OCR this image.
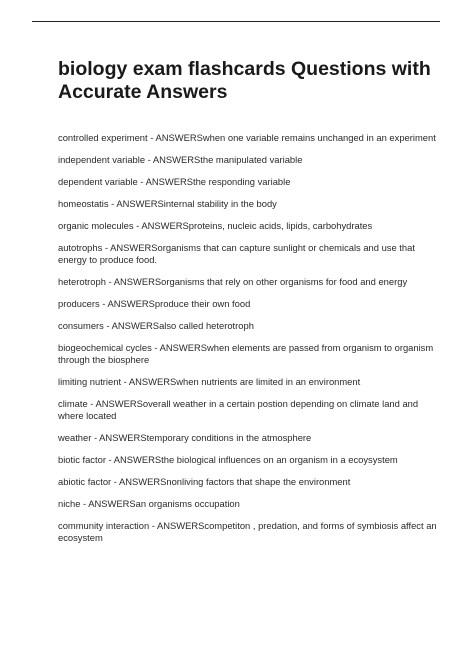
biology exam flashcards Questions with Accurate Answers
controlled experiment - ANSWERSwhen one variable remains unchanged in an experiment
independent variable - ANSWERSthe manipulated variable
dependent variable - ANSWERSthe responding variable
homeostatis - ANSWERSinternal stability in the body
organic molecules - ANSWERSproteins, nucleic acids, lipids, carbohydrates
autotrophs - ANSWERSorganisms that can capture sunlight or chemicals and use that energy to produce food.
heterotroph - ANSWERSorganisms that rely on other organisms for food and energy
producers - ANSWERSproduce their own food
consumers - ANSWERSalso called heterotroph
biogeochemical cycles - ANSWERSwhen elements are passed from organism to organism through the biosphere
limiting nutrient - ANSWERSwhen nutrients are limited in an environment
climate - ANSWERSoverall weather in a certain postion depending on climate land and where located
weather - ANSWERStemporary conditions in the atmosphere
biotic factor - ANSWERSthe biological influences on an organism in a ecoysystem
abiotic factor - ANSWERSnonliving factors that shape the environment
niche - ANSWERSan organisms occupation
community interaction - ANSWERScompetiton , predation, and forms of symbiosis affect an ecosystem
